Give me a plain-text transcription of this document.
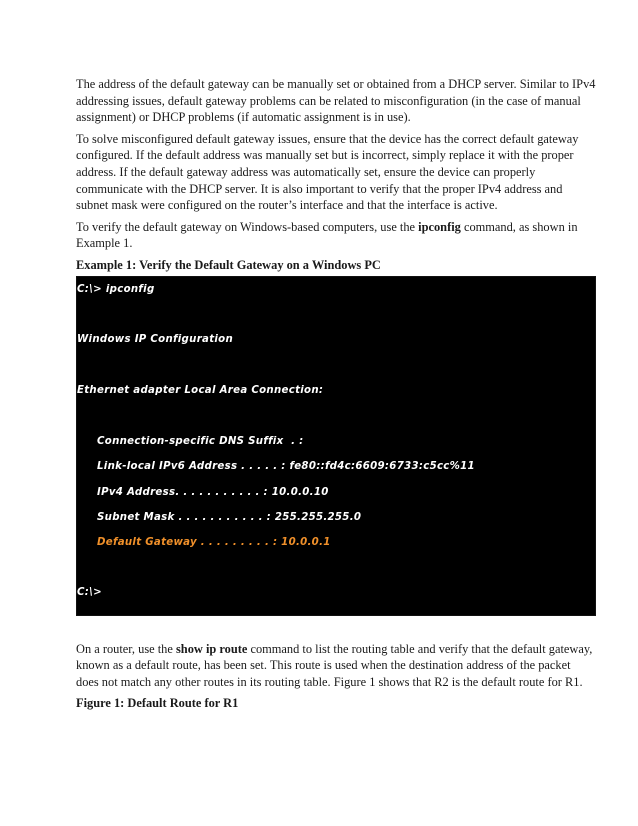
The address of the default gateway can be manually set or obtained from a DHCP server. Similar to IPv4 addressing issues, default gateway problems can be related to misconfiguration (in the case of manual assignment) or DHCP problems (if automatic assignment is in use).

To solve misconfigured default gateway issues, ensure that the device has the correct default gateway configured. If the default address was manually set but is incorrect, simply replace it with the proper address. If the default gateway address was automatically set, ensure the device can properly communicate with the DHCP server. It is also important to verify that the proper IPv4 address and subnet mask were configured on the router’s interface and that the interface is active.

To verify the default gateway on Windows-based computers, use the ipconfig command, as shown in Example 1.

Example 1: Verify the Default Gateway on a Windows PC
C:\> ipconfig
Windows IP Configuration
Ethernet adapter Local Area Connection:
Connection-specific DNS Suffix  . :
Link-local IPv6 Address . . . . . : fe80::fd4c:6609:6733:c5cc%11
IPv4 Address. . . . . . . . . . . : 10.0.0.10
Subnet Mask . . . . . . . . . . . : 255.255.255.0
Default Gateway . . . . . . . . . : 10.0.0.1
C:\>

On a router, use the show ip route command to list the routing table and verify that the default gateway, known as a default route, has been set. This route is used when the destination address of the packet does not match any other routes in its routing table. Figure 1 shows that R2 is the default route for R1.

Figure 1: Default Route for R1
